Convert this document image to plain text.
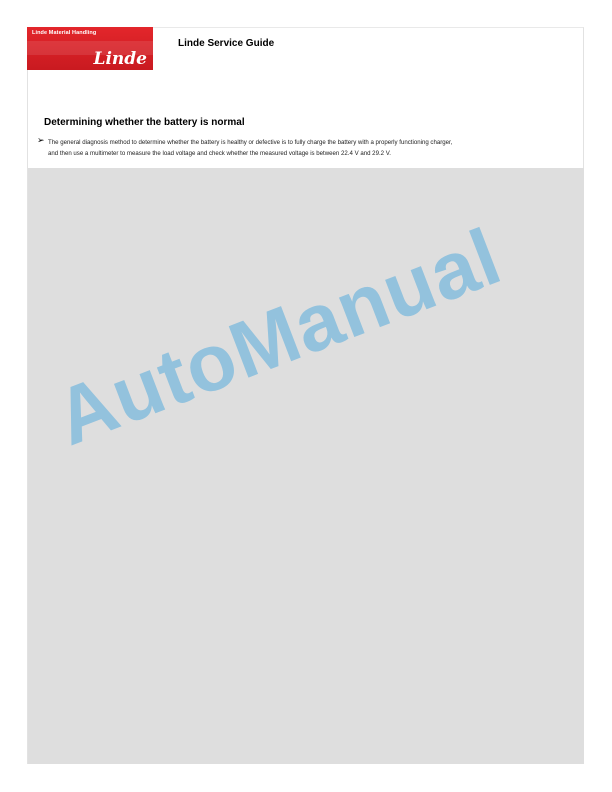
Linde Material Handling
Linde
Linde Service Guide
Determining whether the battery is normal
➢ The general diagnosis method to determine whether the battery is healthy or defective is to fully charge the battery with a properly functioning charger,
and then use a multimeter to measure the load voltage and check whether the measured voltage is between 22.4 V and 29.2 V.
AutoManual
